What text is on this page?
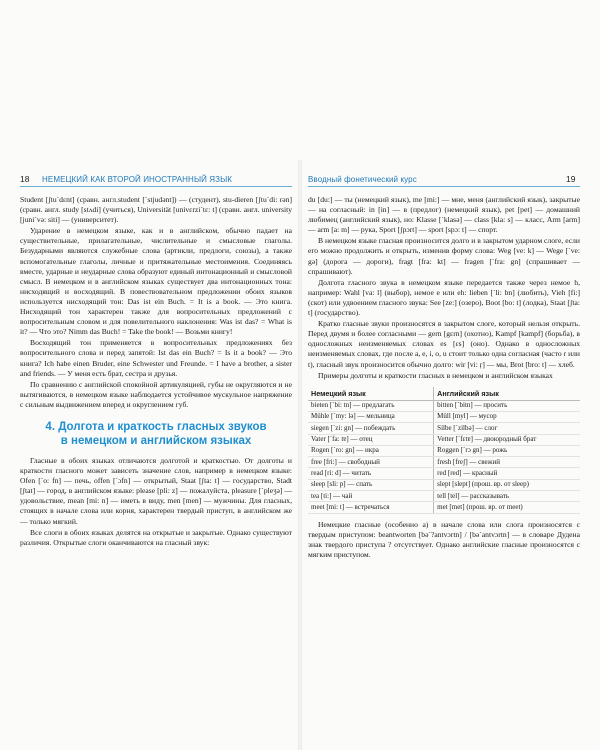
18	НЕМЕЦКИЙ КАК ВТОРОЙ ИНОСТРАННЫЙ ЯЗЫК

Student [ʃtu`dɛnt] (сравн. англ.student [`stjudənt]) — (студент), stu-dieren [ʃtu`di: rən] (сравн. англ. study [stʌdi] (учиться), Universität [univɛrzi`tɛ: t] (сравн. англ. university [juni`və: siti] — (университет).

Ударение в немецком языке, как и в английском, обычно падает на существительные, прилагательные, числительные и смысловые глаголы. Безударными являются служебные слова (артикли, предлоги, союзы), а также вспомогательные глаголы, личные и притяжательные местоимения. Соединяясь вместе, ударные и неударные слова образуют единый интонационный и смысловой смысл. В немецком и в английском языках существует два интонационных тона: нисходящий и восходящий. В повествовательном предложении обоих языков используется нисходящий тон: Das ist ein Buch. = It is a book. — Это книга. Нисходящий тон характерен также для вопросительных предложений с вопросительным словом и для повелительного наклонения: Was ist das? = What is it? — Что это? Nimm das Buch! = Take the book! — Возьми книгу!

Восходящий тон применяется в вопросительных предложениях без вопросительного слова и перед запятой: Ist das ein Buch? = Is it a book? — Это книга? Ich habe einen Bruder, eine Schwester und Freunde. = I have a brother, a sister and friends. — У меня есть брат, сестра и друзья.

По сравнению с английской спокойной артикуляцией, губы не округляются и не вытягиваются, в немецком языке наблюдается устойчивое мускульное напряжение с сильным выдвижением вперед и округлением губ.

4. Долгота и краткость гласных звуков
в немецком и английском языках

Гласные в обоих языках отличаются долготой и краткостью. От долготы и краткости гласного может зависеть значение слов, например в немецком языке: Ofen [`o: fn] — печь, offen [`ɔfn] — открытый, Staat [ʃta: t] — государство, Stadt [ʃtat] — город, в английском языке: please [pli: z] — пожалуйста, pleasure [`pleʒə] — удовольствие, mean [mi: n] — иметь в виду, men [men] — мужчины. Для гласных, стоящих в начале слова или корня, характерен твердый приступ, в английском же — только мягкий.

Все слоги в обоих языках делятся на открытые и закрытые. Однако существуют различия. Открытые слоги оканчиваются на гласный звук:

Вводный фонетический курс	19

du [du:] — ты (немецкий язык), me [mi:] — мне, меня (английский язык), закрытые — на согласный: in [in] — в (предлог) (немецкий язык), pet [pet] — домашний любимец (английский язык), но: Klasse [`klasə] — class [kla: s] — класс, Arm [arm] — arm [a: m] — рука, Sport [ʃpɔrt] — sport [spɔ: t] — спорт.

В немецком языке гласная произносится долго и в закрытом ударном слоге, если его можно продолжить и открыть, изменив форму слова: Weg [ve: k] — Wege [`ve: gə] (дорога — дороги), fragt [fra: kt] — fragen [`fra: gn] (спрашивает — спрашивают).

Долгота гласного звука в немецком языке передается также через немое h, например: Wahl [va: l] (выбор), немое e или eh: lieben [`li: bn] (любить), Vieh [fi:] (скот) или удвоением гласного звука: See [ze:] (озеро), Boot [bo: t] (лодка), Staat [ʃta: t] (государство).

Кратко гласные звуки произносятся в закрытом слоге, который нельзя открыть. Перед двумя и более согласными — gern [gɛrn] (охотно), Kampf [kampf] (борьба), в односложных неизменяемых словах es [ɛs] (оно). Однако в односложных неизменяемых словах, где после a, e, i, o, u стоит только одна согласная (часто r или t), гласный звук произносится обычно долго: wir [vi: ŗ] — мы, Brot [bro: t] — хлеб.

Примеры долготы и краткости гласных в немецком и английском языках

Немецкий язык	Английский язык
bieten [`bi: tn] — предлагать	bitten [`bitn] — просить
Mühle [`my: lə] — мельница	Müll [myl] — мусор
siegen [`zi: gn] — побеждать	Silbe [`zilbə] — слог
Vater [`fa: tɐ] — отец	Vetter [`fɛtɐ] — двоюродный брат
Rogen [`ro: gn] — икра	Roggen [`rɔ gn] — рожь
free [fri:] — свободный	fresh [freʃ] — свежий
read [ri: d] — читать	red [red] — красный
sleep [sli: p] — спать	slept [slept] (прош. вр. от sleep)
tea [ti:] — чай	tell [tel] — рассказывать
meet [mi: t] — встречаться	met [met] (прош. вр. от meet)

Немецкие гласные (особенно а) в начале слова или слога произносятся с твердым приступом: beantworten [bə`?antvɔrtn] / [bə`antvɔrtn] — в словаре Дудена знак твердого приступа ? отсутствует. Однако английские гласные произносятся с мягким приступом.
